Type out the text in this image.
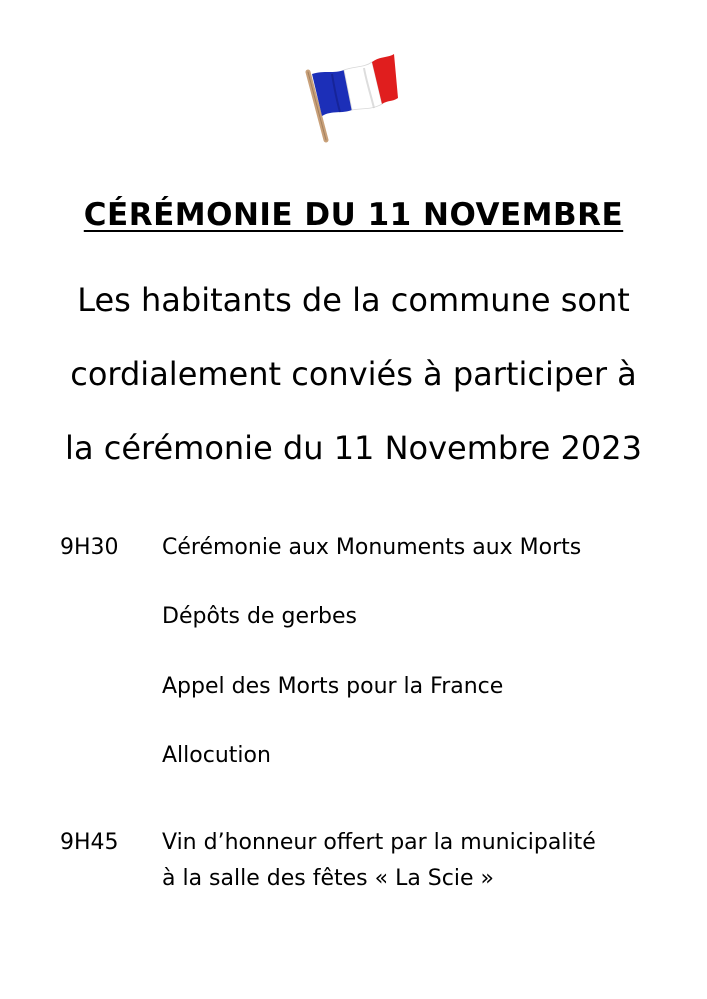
CÉRÉMONIE DU 11 NOVEMBRE
Les habitants de la commune sont
cordialement conviés à participer à
la cérémonie du 11 Novembre 2023
9H30 Cérémonie aux Monuments aux Morts
Dépôts de gerbes
Appel des Morts pour la France
Allocution
9H45 Vin d’honneur offert par la municipalité
à la salle des fêtes « La Scie »
